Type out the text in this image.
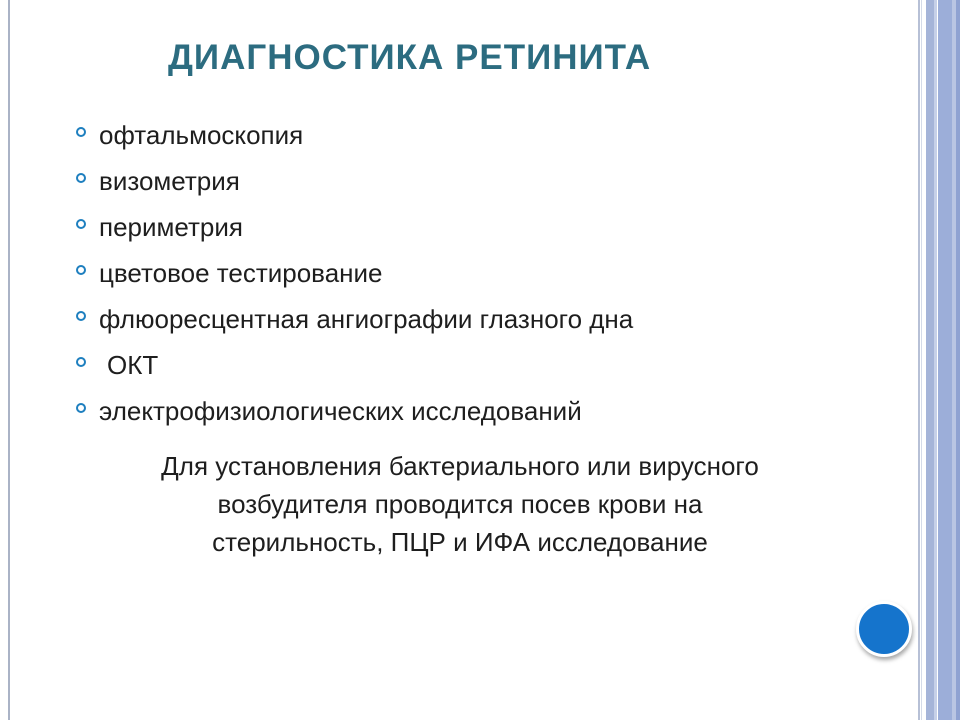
ДИАГНОСТИКА РЕТИНИТА
офтальмоскопия
визометрия
периметрия
цветовое тестирование
флюоресцентная ангиографии глазного дна
ОКТ
электрофизиологических исследований
Для установления бактериального или вирусного
возбудителя проводится посев крови на
стерильность, ПЦР и ИФА исследование
